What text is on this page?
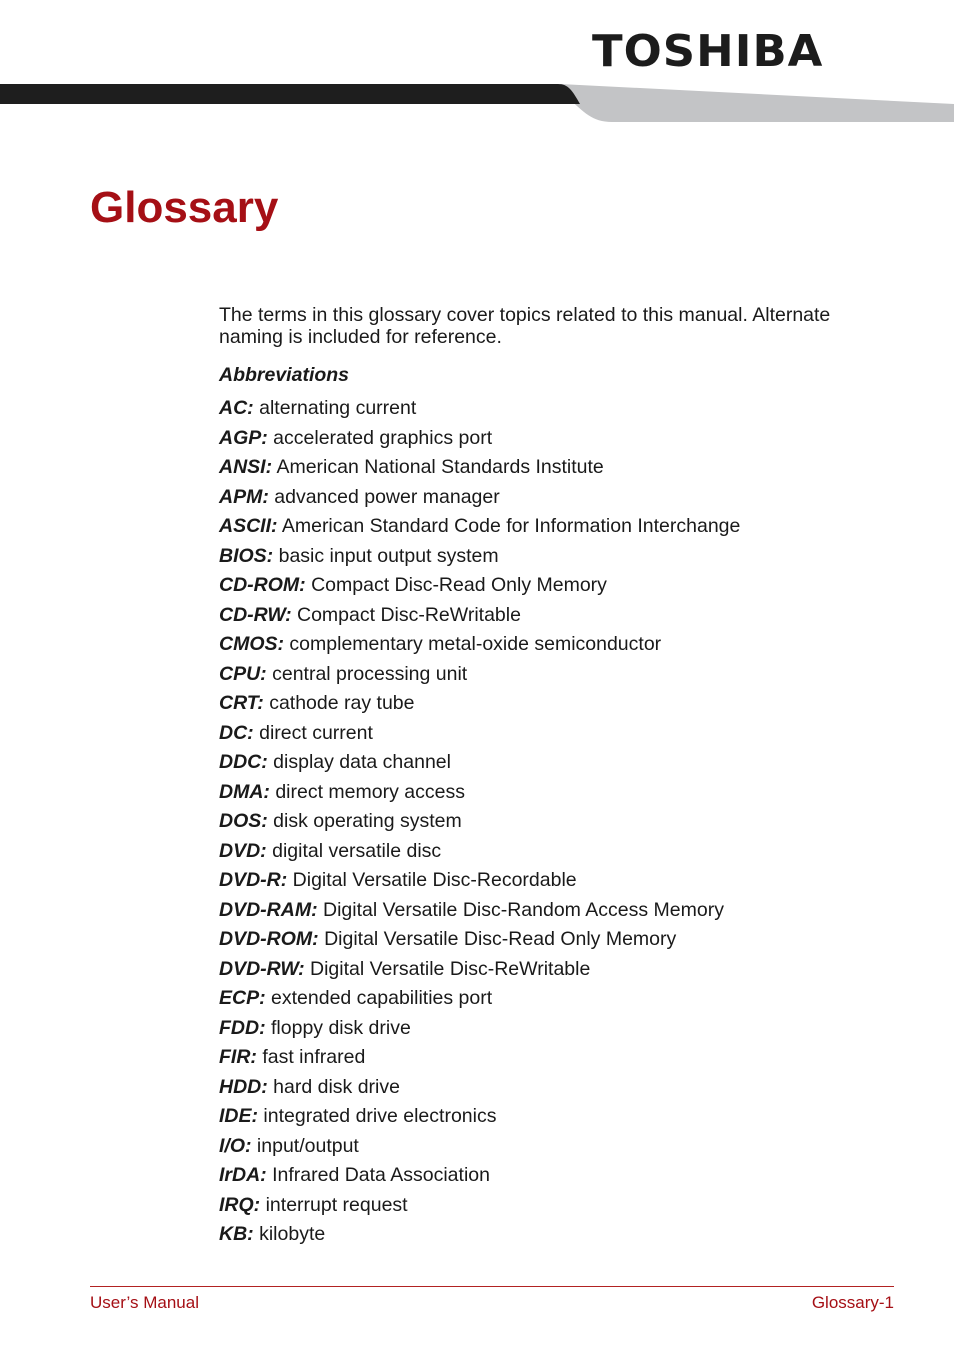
TOSHIBA
Glossary

The terms in this glossary cover topics related to this manual. Alternate naming is included for reference.

Abbreviations

AC: alternating current
AGP: accelerated graphics port
ANSI: American National Standards Institute
APM: advanced power manager
ASCII: American Standard Code for Information Interchange
BIOS: basic input output system
CD-ROM: Compact Disc-Read Only Memory
CD-RW: Compact Disc-ReWritable
CMOS: complementary metal-oxide semiconductor
CPU: central processing unit
CRT: cathode ray tube
DC: direct current
DDC: display data channel
DMA: direct memory access
DOS: disk operating system
DVD: digital versatile disc
DVD-R: Digital Versatile Disc-Recordable
DVD-RAM: Digital Versatile Disc-Random Access Memory
DVD-ROM: Digital Versatile Disc-Read Only Memory
DVD-RW: Digital Versatile Disc-ReWritable
ECP: extended capabilities port
FDD: floppy disk drive
FIR: fast infrared
HDD: hard disk drive
IDE: integrated drive electronics
I/O: input/output
IrDA: Infrared Data Association
IRQ: interrupt request
KB: kilobyte
User’s Manual	Glossary-1
